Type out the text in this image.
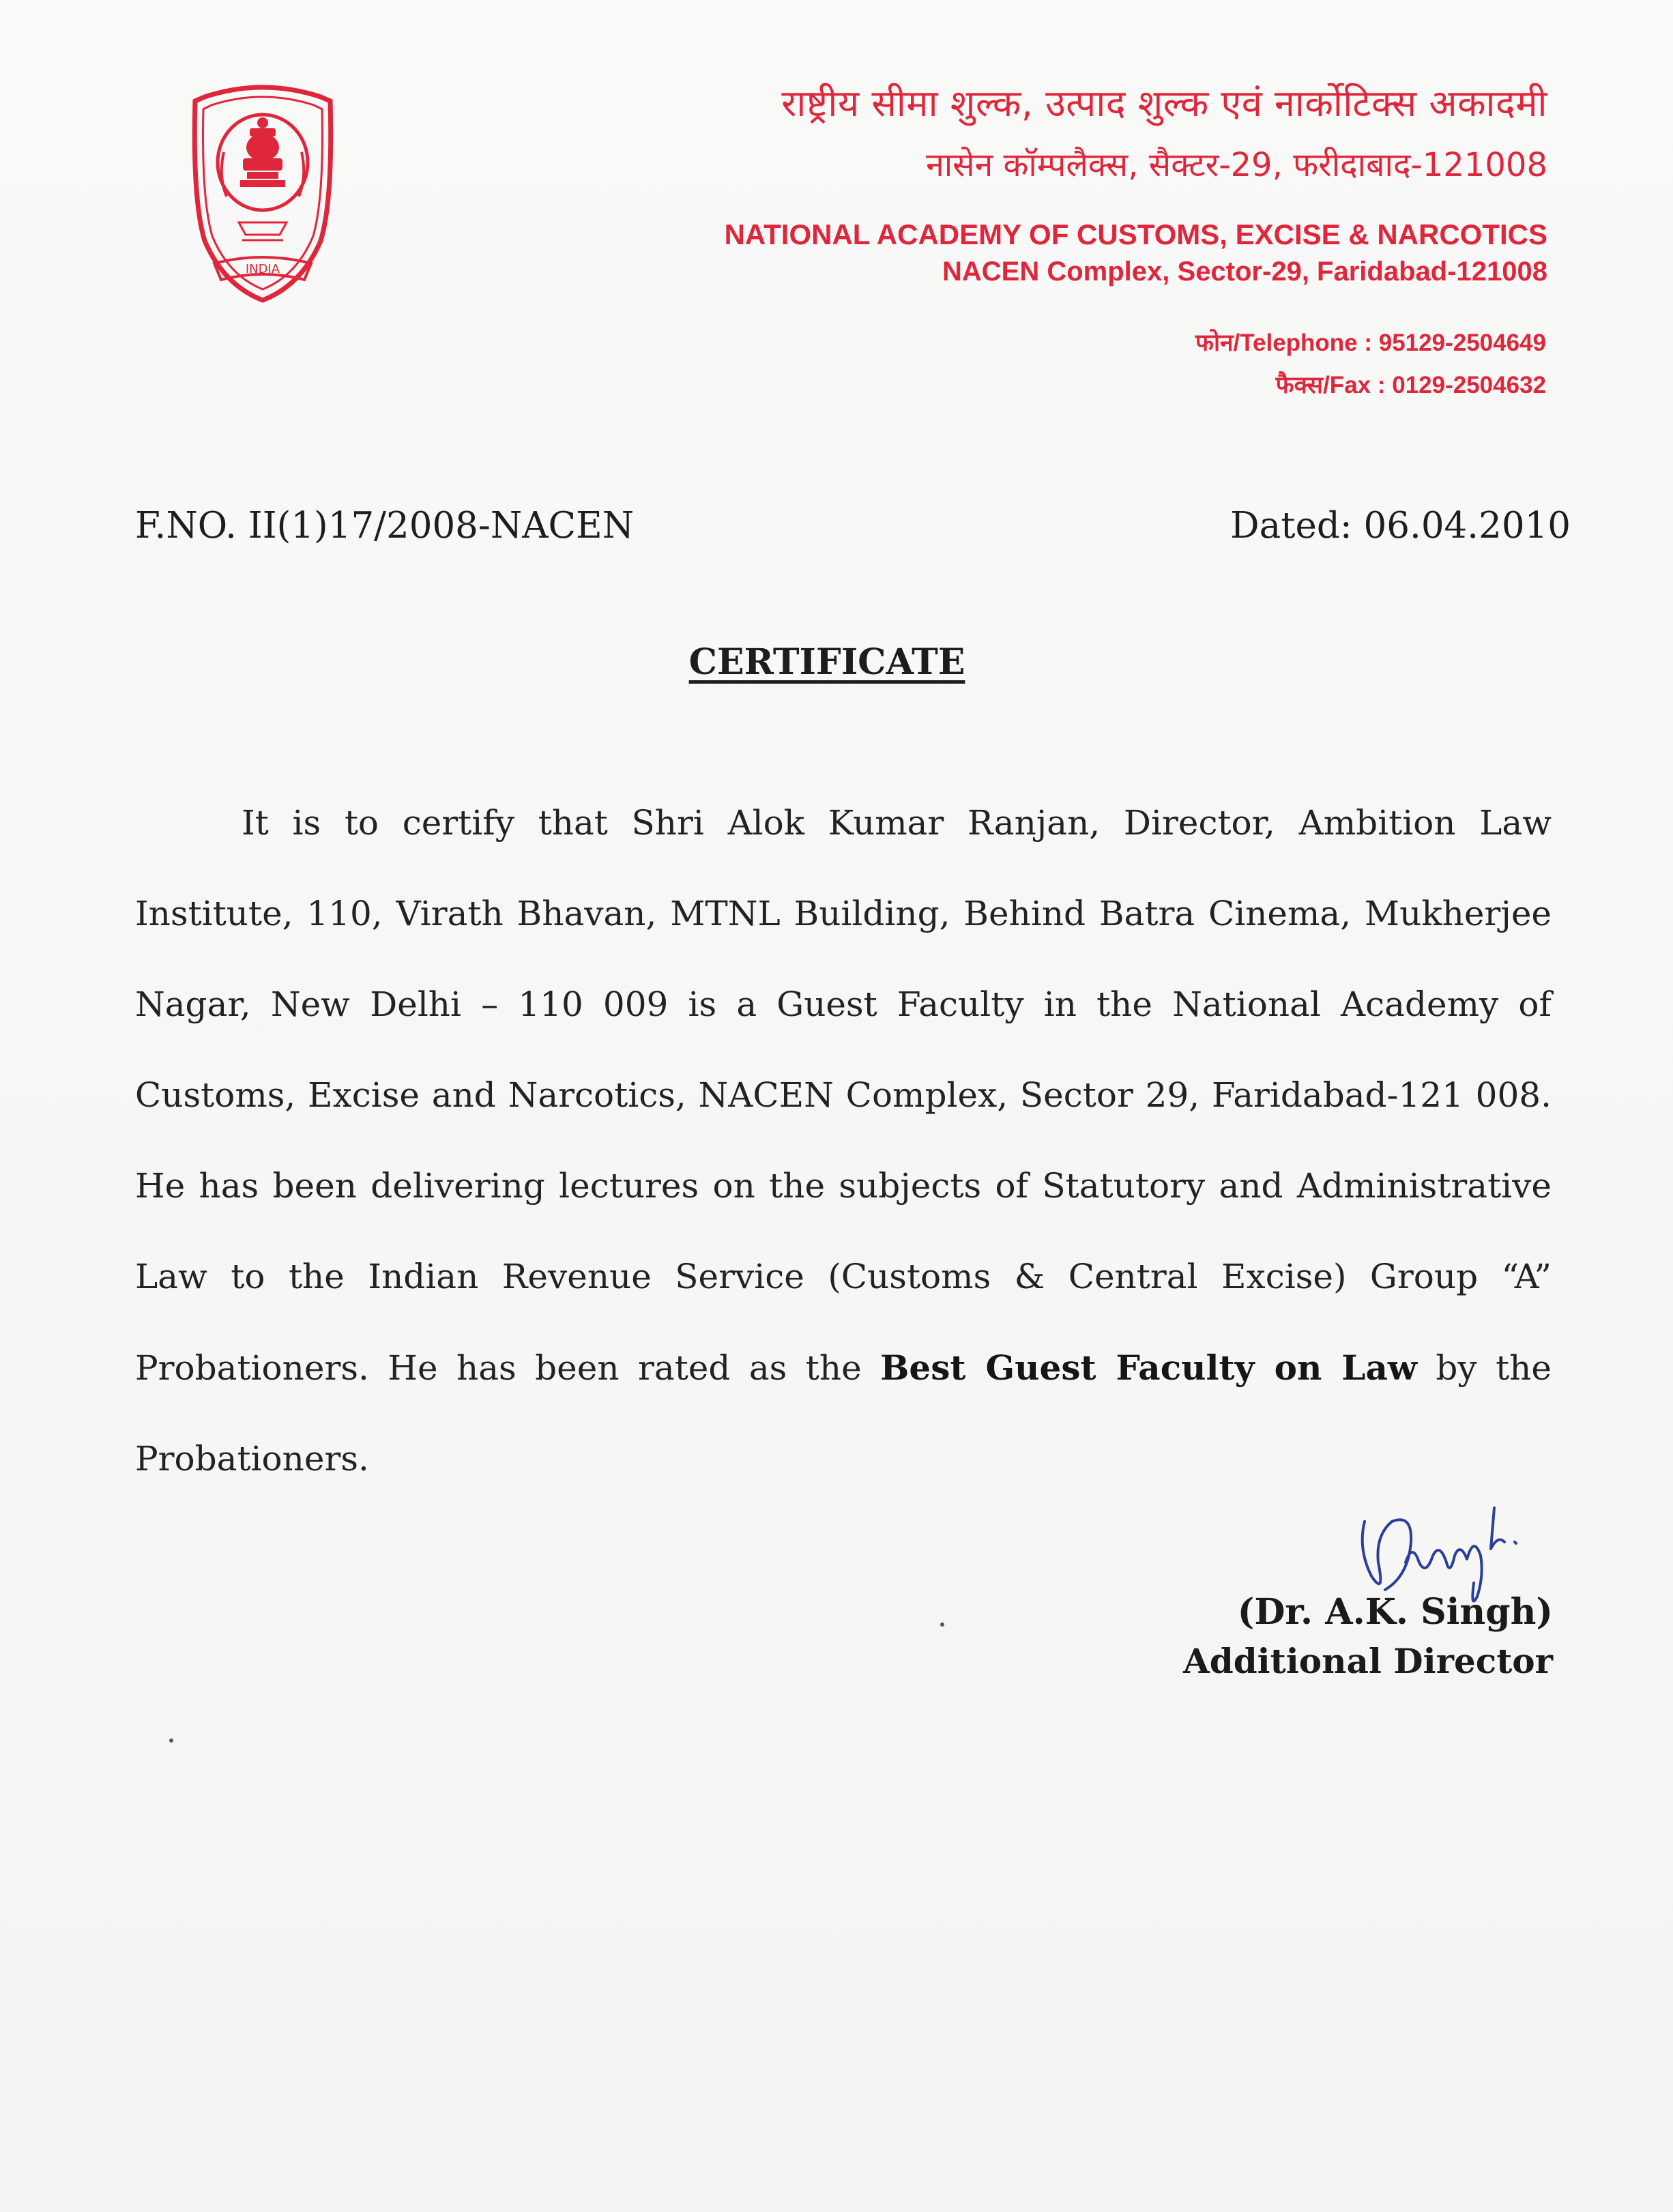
INDIA
राष्ट्रीय सीमा शुल्क, उत्पाद शुल्क एवं नार्कोटिक्स अकादमी
नासेन कॉम्पलैक्स, सैक्टर-29, फरीदाबाद-121008
NATIONAL ACADEMY OF CUSTOMS, EXCISE & NARCOTICS
NACEN Complex, Sector-29, Faridabad-121008
फोन/Telephone : 95129-2504649
फैक्स/Fax : 0129-2504632
F.NO. II(1)17/2008-NACEN	Dated: 06.04.2010
CERTIFICATE
It is to certify that Shri Alok Kumar Ranjan, Director, Ambition Law Institute, 110, Virath Bhavan, MTNL Building, Behind Batra Cinema, Mukherjee Nagar, New Delhi – 110 009 is a Guest Faculty in the National Academy of Customs, Excise and Narcotics, NACEN Complex, Sector 29, Faridabad-121 008. He has been delivering lectures on the subjects of Statutory and Administrative Law to the Indian Revenue Service (Customs & Central Excise) Group “A” Probationers. He has been rated as the Best Guest Faculty on Law by the Probationers.
(Dr. A.K. Singh)
Additional Director
